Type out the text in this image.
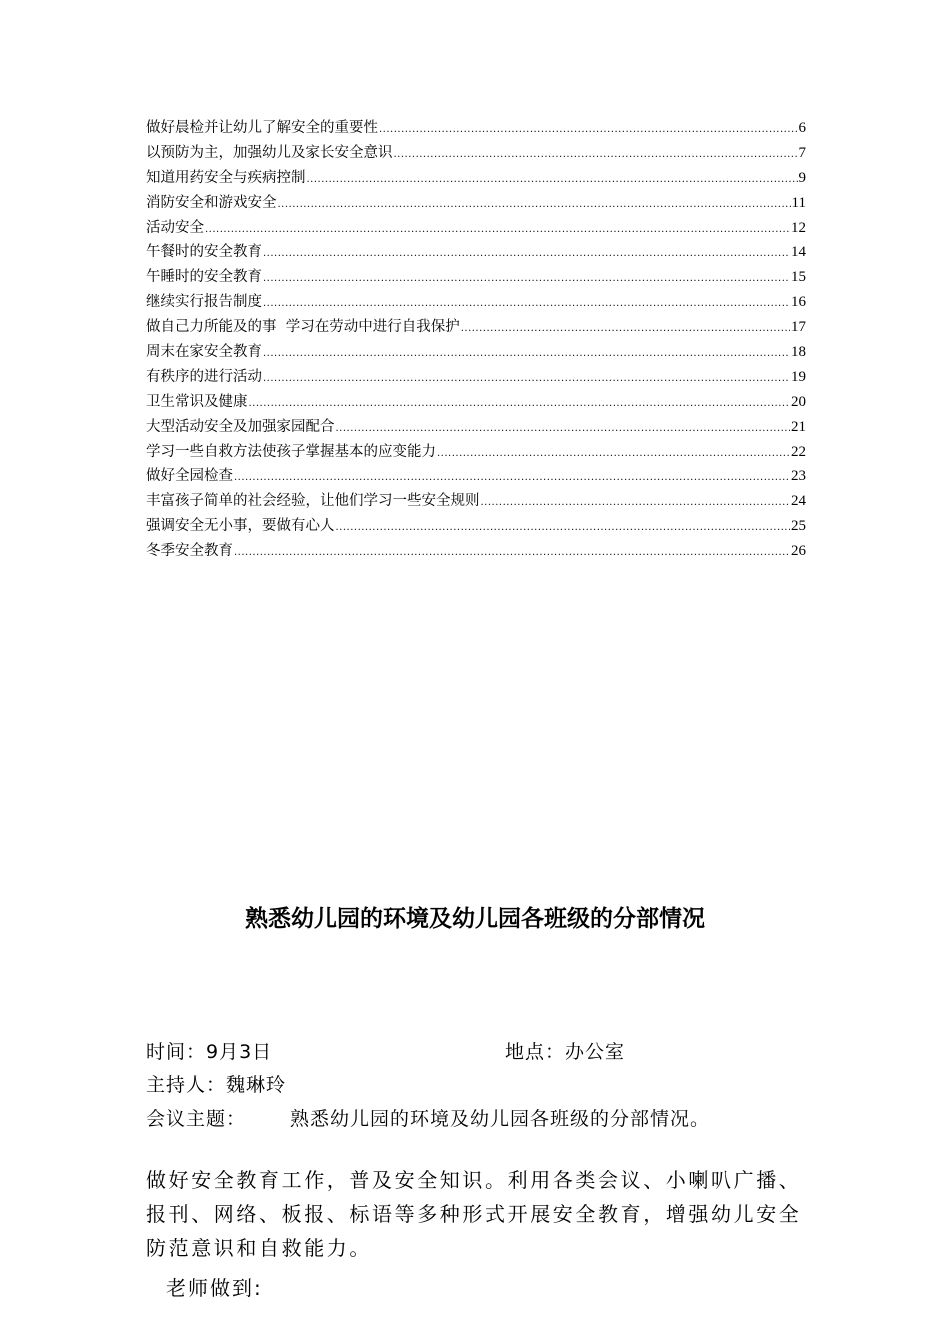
做好晨检并让幼儿了解安全的重要性 .....	6
以预防为主，加强幼儿及家长安全意识 .....	7
知道用药安全与疾病控制 .....	9
消防安全和游戏安全 .....	11
活动安全 .....	12
午餐时的安全教育 .....	14
午睡时的安全教育 .....	15
继续实行报告制度 .....	16
做自己力所能及的事  学习在劳动中进行自我保护 .....	17
周末在家安全教育 .....	18
有秩序的进行活动 .....	19
卫生常识及健康 .....	20
大型活动安全及加强家园配合 .....	21
学习一些自救方法使孩子掌握基本的应变能力 .....	22
做好全园检查 .....	23
丰富孩子简单的社会经验，让他们学习一些安全规则 .....	24
强调安全无小事，要做有心人 .....	25
冬季安全教育 .....	26
熟悉幼儿园的环境及幼儿园各班级的分部情况
时间：9月3日	地点：办公室
主持人：魏琳玲
会议主题： 熟悉幼儿园的环境及幼儿园各班级的分部情况。
做好安全教育工作，普及安全知识。利用各类会议、小喇叭广播、报刊、网络、板报、标语等多种形式开展安全教育，增强幼儿安全防范意识和自救能力。
老师做到:
